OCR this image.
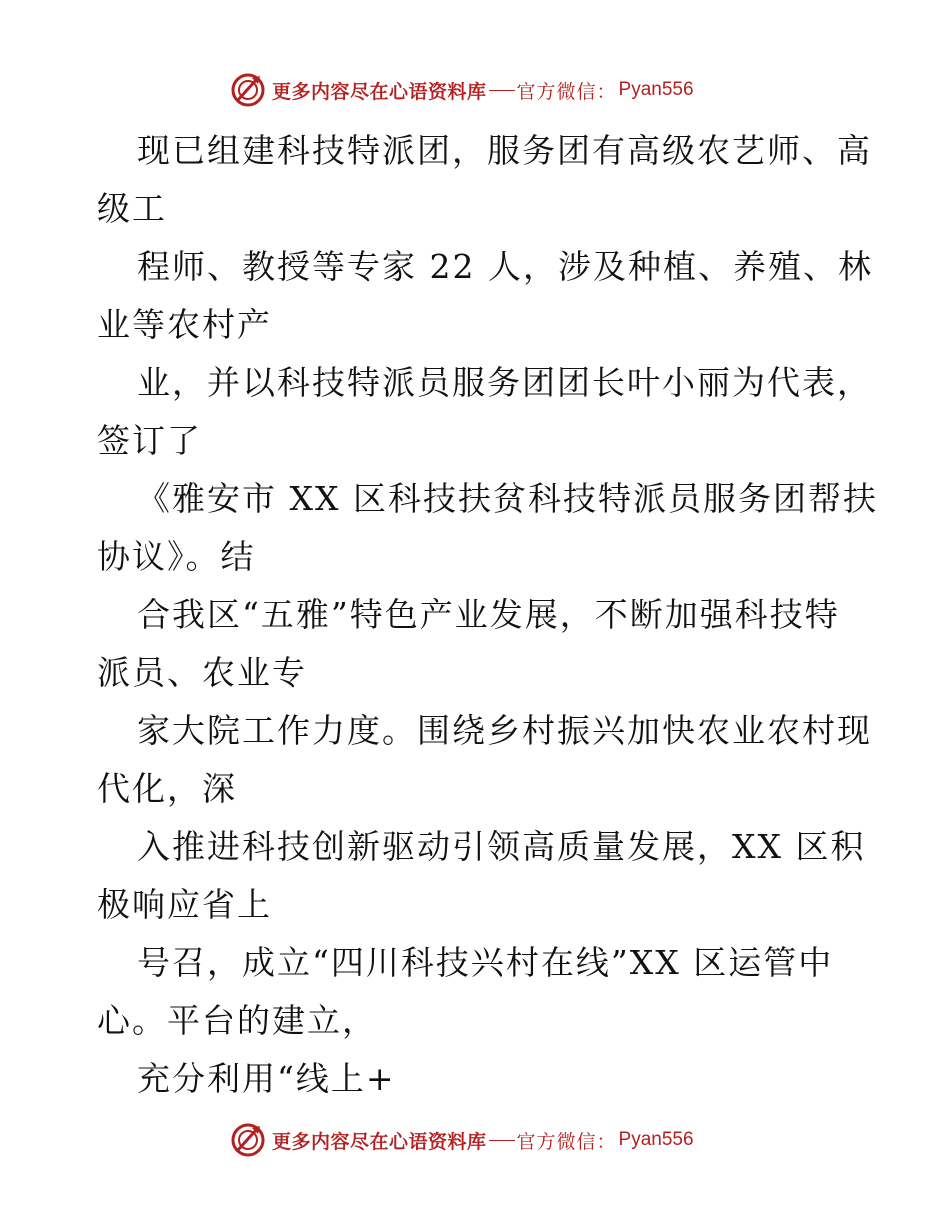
更多内容尽在心语资料库 官方微信： Pyan556
现已组建科技特派团，服务团有高级农艺师、高
级工
程师、教授等专家 22 人，涉及种植、养殖、林
业等农村产
业，并以科技特派员服务团团长叶小丽为代表，
签订了
《雅安市 XX 区科技扶贫科技特派员服务团帮扶
协议》。结
合我区“五雅”特色产业发展，不断加强科技特
派员、农业专
家大院工作力度。围绕乡村振兴加快农业农村现
代化，深
入推进科技创新驱动引领高质量发展，XX 区积
极响应省上
号召，成立“四川科技兴村在线”XX 区运管中
心。平台的建立，
充分利用“线上+
更多内容尽在心语资料库 官方微信： Pyan556
